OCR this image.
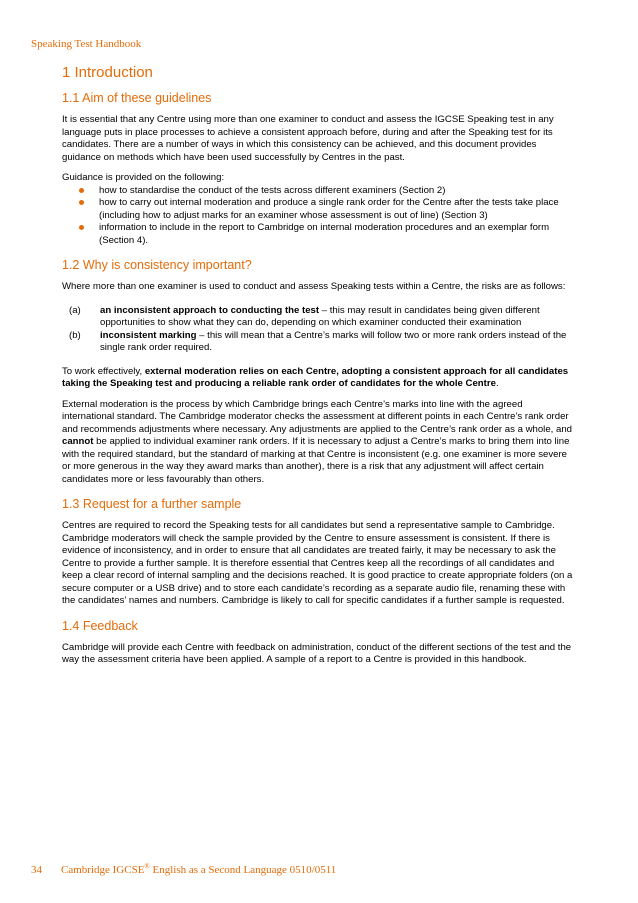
Speaking Test Handbook
1 Introduction
1.1 Aim of these guidelines

It is essential that any Centre using more than one examiner to conduct and assess the IGCSE Speaking test in any language puts in place processes to achieve a consistent approach before, during and after the Speaking test for its candidates. There are a number of ways in which this consistency can be achieved, and this document provides guidance on methods which have been used successfully by Centres in the past.

Guidance is provided on the following:

how to standardise the conduct of the tests across different examiners (Section 2)
how to carry out internal moderation and produce a single rank order for the Centre after the tests take place (including how to adjust marks for an examiner whose assessment is out of line) (Section 3)
information to include in the report to Cambridge on internal moderation procedures and an exemplar form (Section 4).
1.2 Why is consistency important?

Where more than one examiner is used to conduct and assess Speaking tests within a Centre, the risks are as follows:

(a) an inconsistent approach to conducting the test – this may result in candidates being given different opportunities to show what they can do, depending on which examiner conducted their examination
(b) inconsistent marking – this will mean that a Centre’s marks will follow two or more rank orders instead of the single rank order required.

To work effectively, external moderation relies on each Centre, adopting a consistent approach for all candidates taking the Speaking test and producing a reliable rank order of candidates for the whole Centre.

External moderation is the process by which Cambridge brings each Centre’s marks into line with the agreed international standard. The Cambridge moderator checks the assessment at different points in each Centre’s rank order and recommends adjustments where necessary. Any adjustments are applied to the Centre’s rank order as a whole, and cannot be applied to individual examiner rank orders. If it is necessary to adjust a Centre’s marks to bring them into line with the required standard, but the standard of marking at that Centre is inconsistent (e.g. one examiner is more severe or more generous in the way they award marks than another), there is a risk that any adjustment will affect certain candidates more or less favourably than others.

1.3 Request for a further sample

Centres are required to record the Speaking tests for all candidates but send a representative sample to Cambridge. Cambridge moderators will check the sample provided by the Centre to ensure assessment is consistent. If there is evidence of inconsistency, and in order to ensure that all candidates are treated fairly, it may be necessary to ask the Centre to provide a further sample. It is therefore essential that Centres keep all the recordings of all candidates and keep a clear record of internal sampling and the decisions reached. It is good practice to create appropriate folders (on a secure computer or a USB drive) and to store each candidate’s recording as a separate audio file, renaming these with the candidates’ names and numbers. Cambridge is likely to call for specific candidates if a further sample is requested.

1.4 Feedback

Cambridge will provide each Centre with feedback on administration, conduct of the different sections of the test and the way the assessment criteria have been applied. A sample of a report to a Centre is provided in this handbook.

34 Cambridge IGCSE® English as a Second Language 0510/0511
